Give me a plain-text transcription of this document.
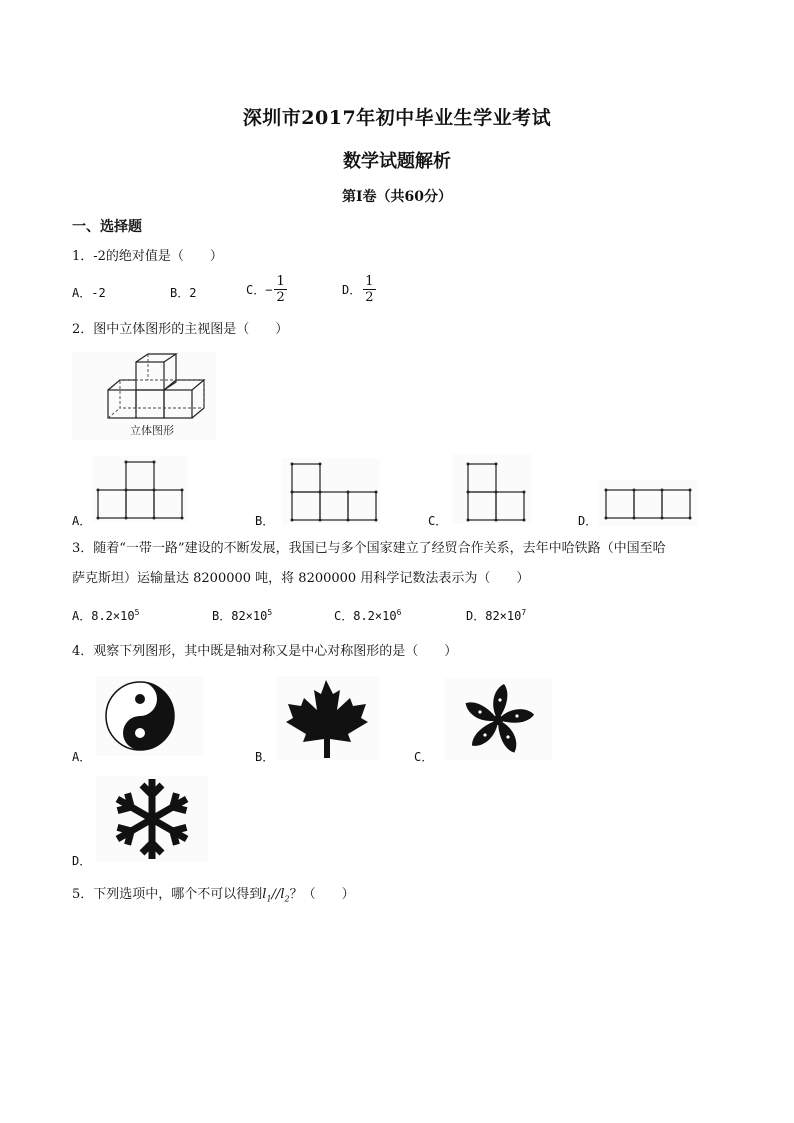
深圳市2017年初中毕业生学业考试
数学试题解析
第I卷（共60分）
一、选择题
1．-2的绝对值是（　　）
A．-2	B．2	C．− $\frac{1}{2}$	D． $\frac{1}{2}$
2．图中立体图形的主视图是（　　）
立体图形
A．	B．	C．	D．
3．随着“一带一路”建设的不断发展，我国已与多个国家建立了经贸合作关系，去年中哈铁路（中国至哈
萨克斯坦）运输量达 8200000 吨，将 8200000 用科学记数法表示为（　　）
A．$8.2\times 10^5$	B．$82\times 10^5$	C．$8.2\times 10^6$	D．$82\times 10^7$
4．观察下列图形，其中既是轴对称又是中心对称图形的是（　　）
A．	B．	C．
D．
5．下列选项中，哪个不可以得到$l_1//l_2$？（　　）
